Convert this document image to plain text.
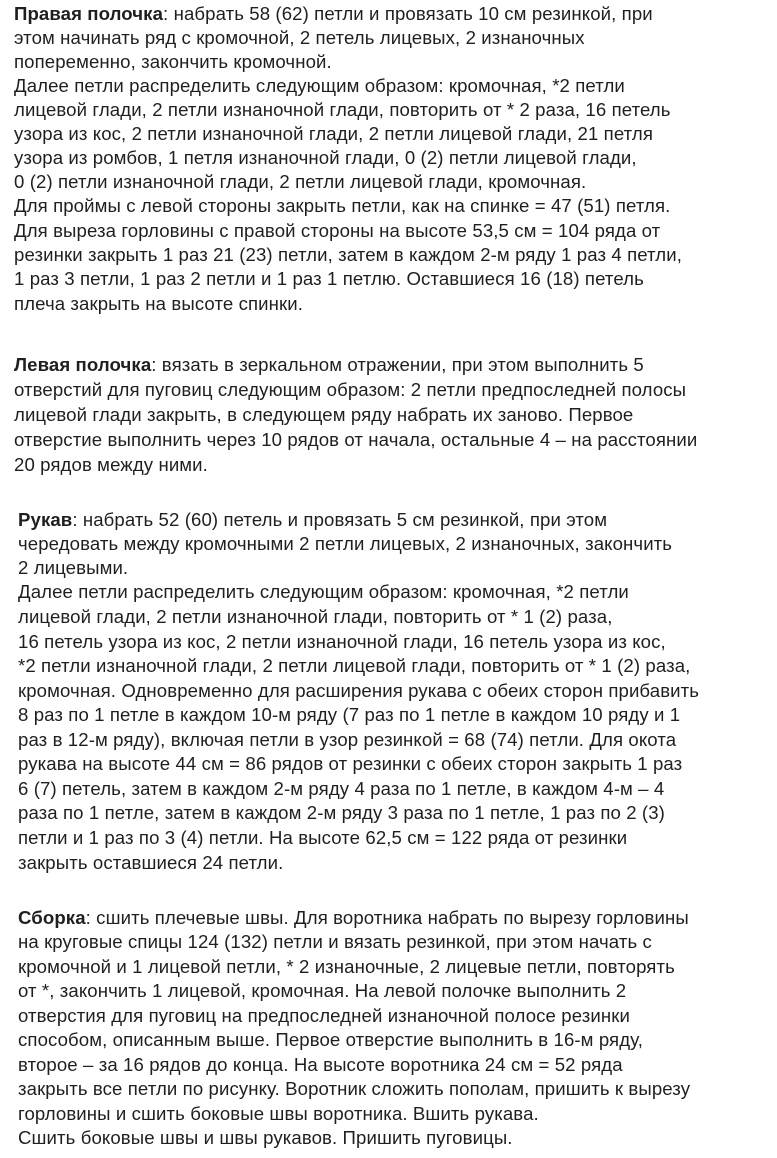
Правая полочка: набрать 58 (62) петли и провязать 10 см резинкой, при
этом начинать ряд с кромочной, 2 петель лицевых, 2 изнаночных
попеременно, закончить кромочной.
Далее петли распределить следующим образом: кромочная, *2 петли
лицевой глади, 2 петли изнаночной глади, повторить от * 2 раза, 16 петель
узора из кос, 2 петли изнаночной глади, 2 петли лицевой глади, 21 петля
узора из ромбов, 1 петля изнаночной глади, 0 (2) петли лицевой глади,
0 (2) петли изнаночной глади, 2 петли лицевой глади, кромочная.
Для проймы с левой стороны закрыть петли, как на спинке = 47 (51) петля.
Для выреза горловины с правой стороны на высоте 53,5 см = 104 ряда от
резинки закрыть 1 раз 21 (23) петли, затем в каждом 2-м ряду 1 раз 4 петли,
1 раз 3 петли, 1 раз 2 петли и 1 раз 1 петлю. Оставшиеся 16 (18) петель
плеча закрыть на высоте спинки.
Левая полочка: вязать в зеркальном отражении, при этом выполнить 5
отверстий для пуговиц следующим образом: 2 петли предпоследней полосы
лицевой глади закрыть, в следующем ряду набрать их заново. Первое
отверстие выполнить через 10 рядов от начала, остальные 4 – на расстоянии
20 рядов между ними.
Рукав: набрать 52 (60) петель и провязать 5 см резинкой, при этом
чередовать между кромочными 2 петли лицевых, 2 изнаночных, закончить
2 лицевыми.
Далее петли распределить следующим образом: кромочная, *2 петли
лицевой глади, 2 петли изнаночной глади, повторить от * 1 (2) раза,
16 петель узора из кос, 2 петли изнаночной глади, 16 петель узора из кос,
*2 петли изнаночной глади, 2 петли лицевой глади, повторить от * 1 (2) раза,
кромочная. Одновременно для расширения рукава с обеих сторон прибавить
8 раз по 1 петле в каждом 10-м ряду (7 раз по 1 петле в каждом 10 ряду и 1
раз в 12-м ряду), включая петли в узор резинкой = 68 (74) петли. Для окота
рукава на высоте 44 см = 86 рядов от резинки с обеих сторон закрыть 1 раз
6 (7) петель, затем в каждом 2-м ряду 4 раза по 1 петле, в каждом 4-м – 4
раза по 1 петле, затем в каждом 2-м ряду 3 раза по 1 петле, 1 раз по 2 (3)
петли и 1 раз по 3 (4) петли. На высоте 62,5 см = 122 ряда от резинки
закрыть оставшиеся 24 петли.
Сборка: сшить плечевые швы. Для воротника набрать по вырезу горловины
на круговые спицы 124 (132) петли и вязать резинкой, при этом начать с
кромочной и 1 лицевой петли, * 2 изнаночные, 2 лицевые петли, повторять
от *, закончить 1 лицевой, кромочная. На левой полочке выполнить 2
отверстия для пуговиц на предпоследней изнаночной полосе резинки
способом, описанным выше. Первое отверстие выполнить в 16-м ряду,
второе – за 16 рядов до конца. На высоте воротника 24 см = 52 ряда
закрыть все петли по рисунку. Воротник сложить пополам, пришить к вырезу
горловины и сшить боковые швы воротника. Вшить рукава.
Сшить боковые швы и швы рукавов. Пришить пуговицы.
